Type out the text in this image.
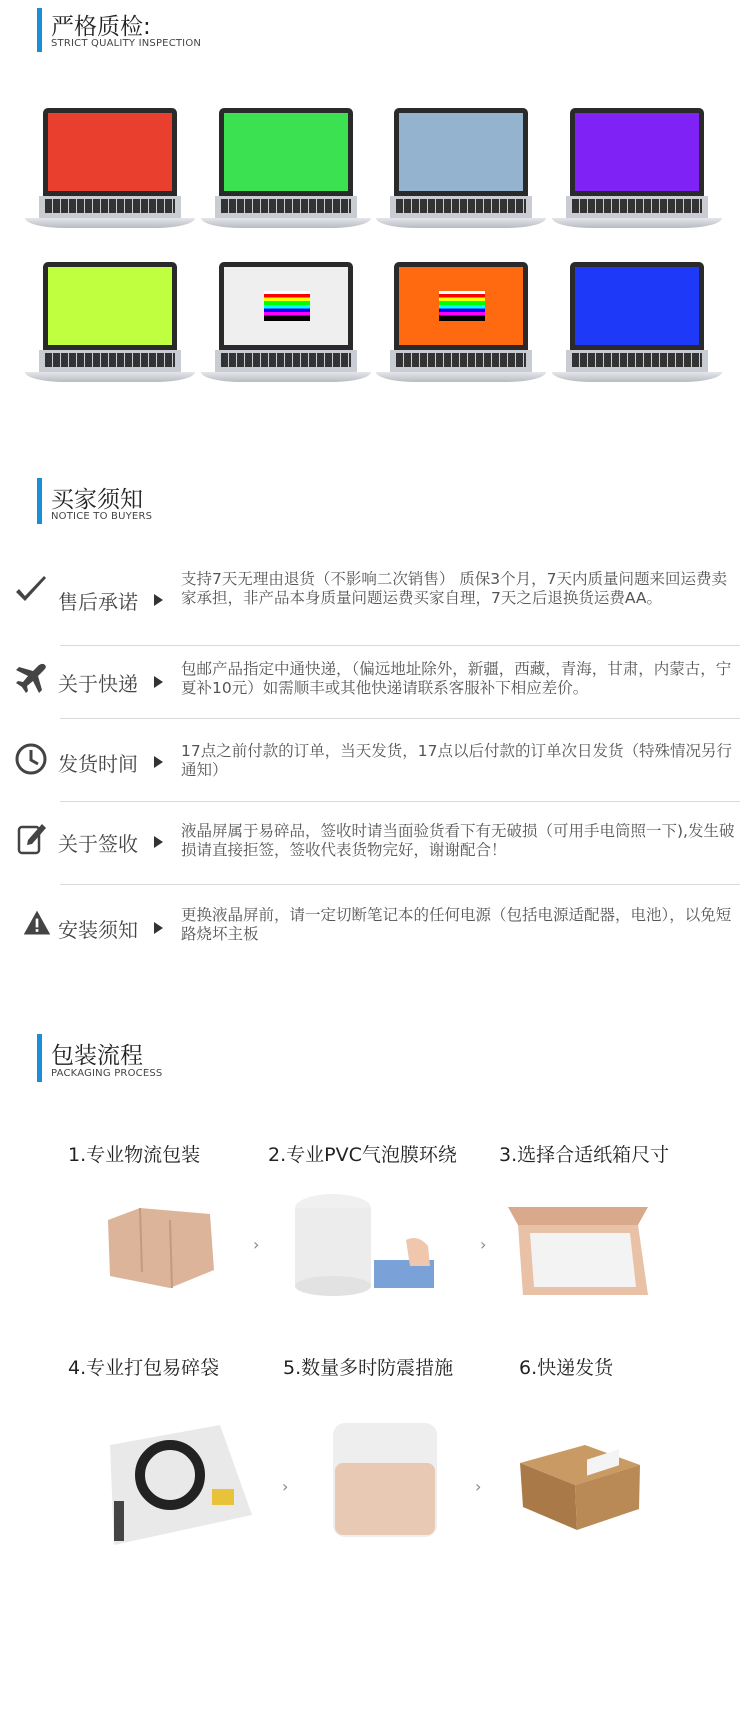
严格质检:
STRICT QUALITY INSPECTION
买家须知
NOTICE TO BUYERS
售后承诺
支持7天无理由退货（不影响二次销售） 质保3个月，7天内质量问题来回运费卖家承担，非产品本身质量问题运费买家自理，7天之后退换货运费AA。
关于快递
包邮产品指定中通快递，（偏远地址除外，新疆，西藏，青海，甘肃，内蒙古，宁夏补10元）如需顺丰或其他快递请联系客服补下相应差价。
发货时间
17点之前付款的订单，当天发货，17点以后付款的订单次日发货（特殊情况另行通知）
关于签收
液晶屏属于易碎品，签收时请当面验货看下有无破损（可用手电筒照一下),发生破损请直接拒签，签收代表货物完好，谢谢配合！
安装须知
更换液晶屏前，请一定切断笔记本的任何电源（包括电源适配器，电池），以免短路烧坏主板
包装流程
PACKAGING PROCESS
1.专业物流包装	2.专业PVC气泡膜环绕 3.选择合适纸箱尺寸
›	›
4.专业打包易碎袋	5.数量多时防震措施	6.快递发货
›	›
